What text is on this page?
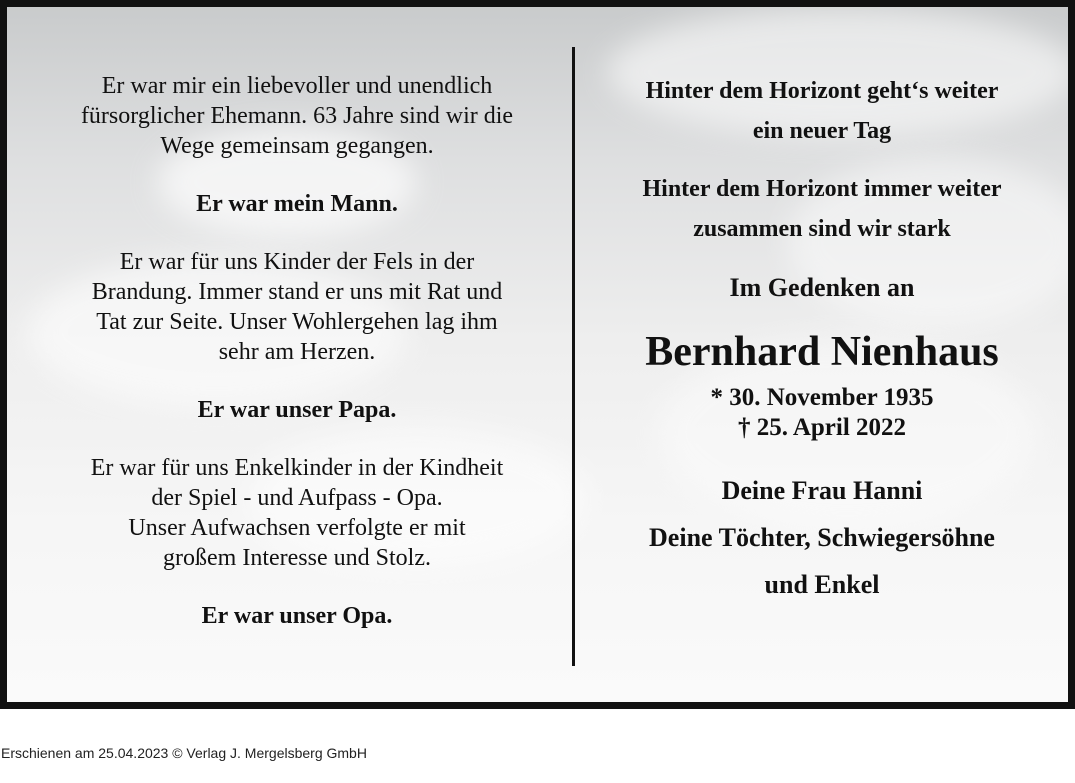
Er war mir ein liebevoller und unendlich
fürsorglicher Ehemann. 63 Jahre sind wir die
Wege gemeinsam gegangen.

Er war mein Mann.

Er war für uns Kinder der Fels in der
Brandung. Immer stand er uns mit Rat und
Tat zur Seite. Unser Wohlergehen lag ihm
sehr am Herzen.

Er war unser Papa.

Er war für uns Enkelkinder in der Kindheit
der Spiel - und Aufpass - Opa.
Unser Aufwachsen verfolgte er mit
großem Interesse und Stolz.

Er war unser Opa.

Hinter dem Horizont geht‘s weiter
ein neuer Tag

Hinter dem Horizont immer weiter
zusammen sind wir stark

Im Gedenken an

Bernhard Nienhaus

* 30. November 1935
† 25. April 2022

Deine Frau Hanni
Deine Töchter, Schwiegersöhne
und Enkel

Erschienen am 25.04.2023 © Verlag J. Mergelsberg GmbH
